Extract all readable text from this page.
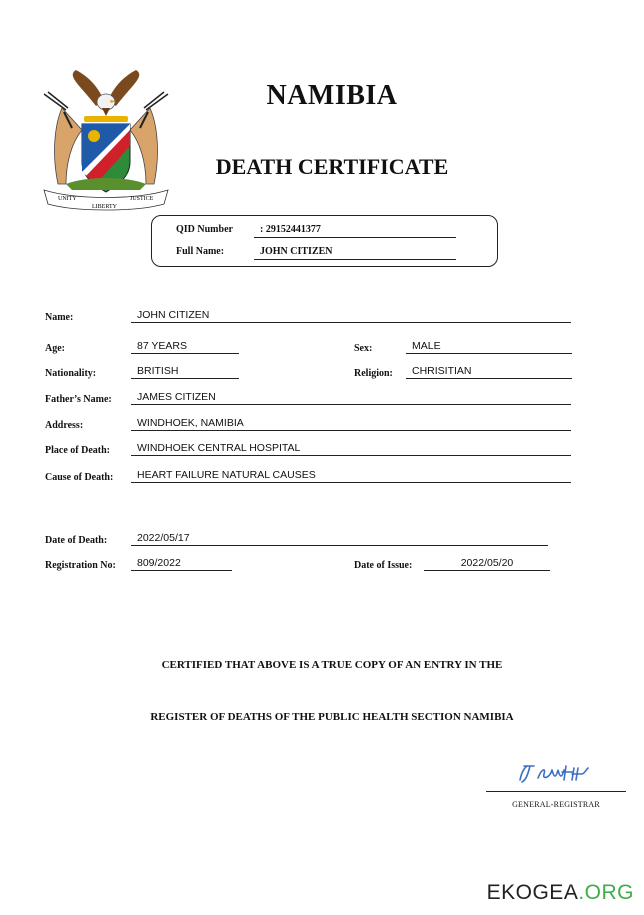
UNITY
LIBERTY
JUSTICE
NAMIBIA
DEATH CERTIFICATE
QID Number	: 29152441377
Full Name:	JOHN CITIZEN
Name:	JOHN CITIZEN
Age:	87 YEARS	Sex:	MALE
Nationality:	BRITISH	Religion:	CHRISITIAN
Father’s Name:	JAMES CITIZEN
Address:	WINDHOEK, NAMIBIA
Place of Death:	WINDHOEK CENTRAL HOSPITAL
Cause of Death:	HEART FAILURE NATURAL CAUSES
Date of Death:	2022/05/17
Registration No:	809/2022	Date of Issue:	2022/05/20
CERTIFIED THAT ABOVE IS A TRUE COPY OF AN ENTRY IN THE
REGISTER OF DEATHS OF THE PUBLIC HEALTH SECTION NAMIBIA
GENERAL-REGISTRAR
EKOGEA.ORG
